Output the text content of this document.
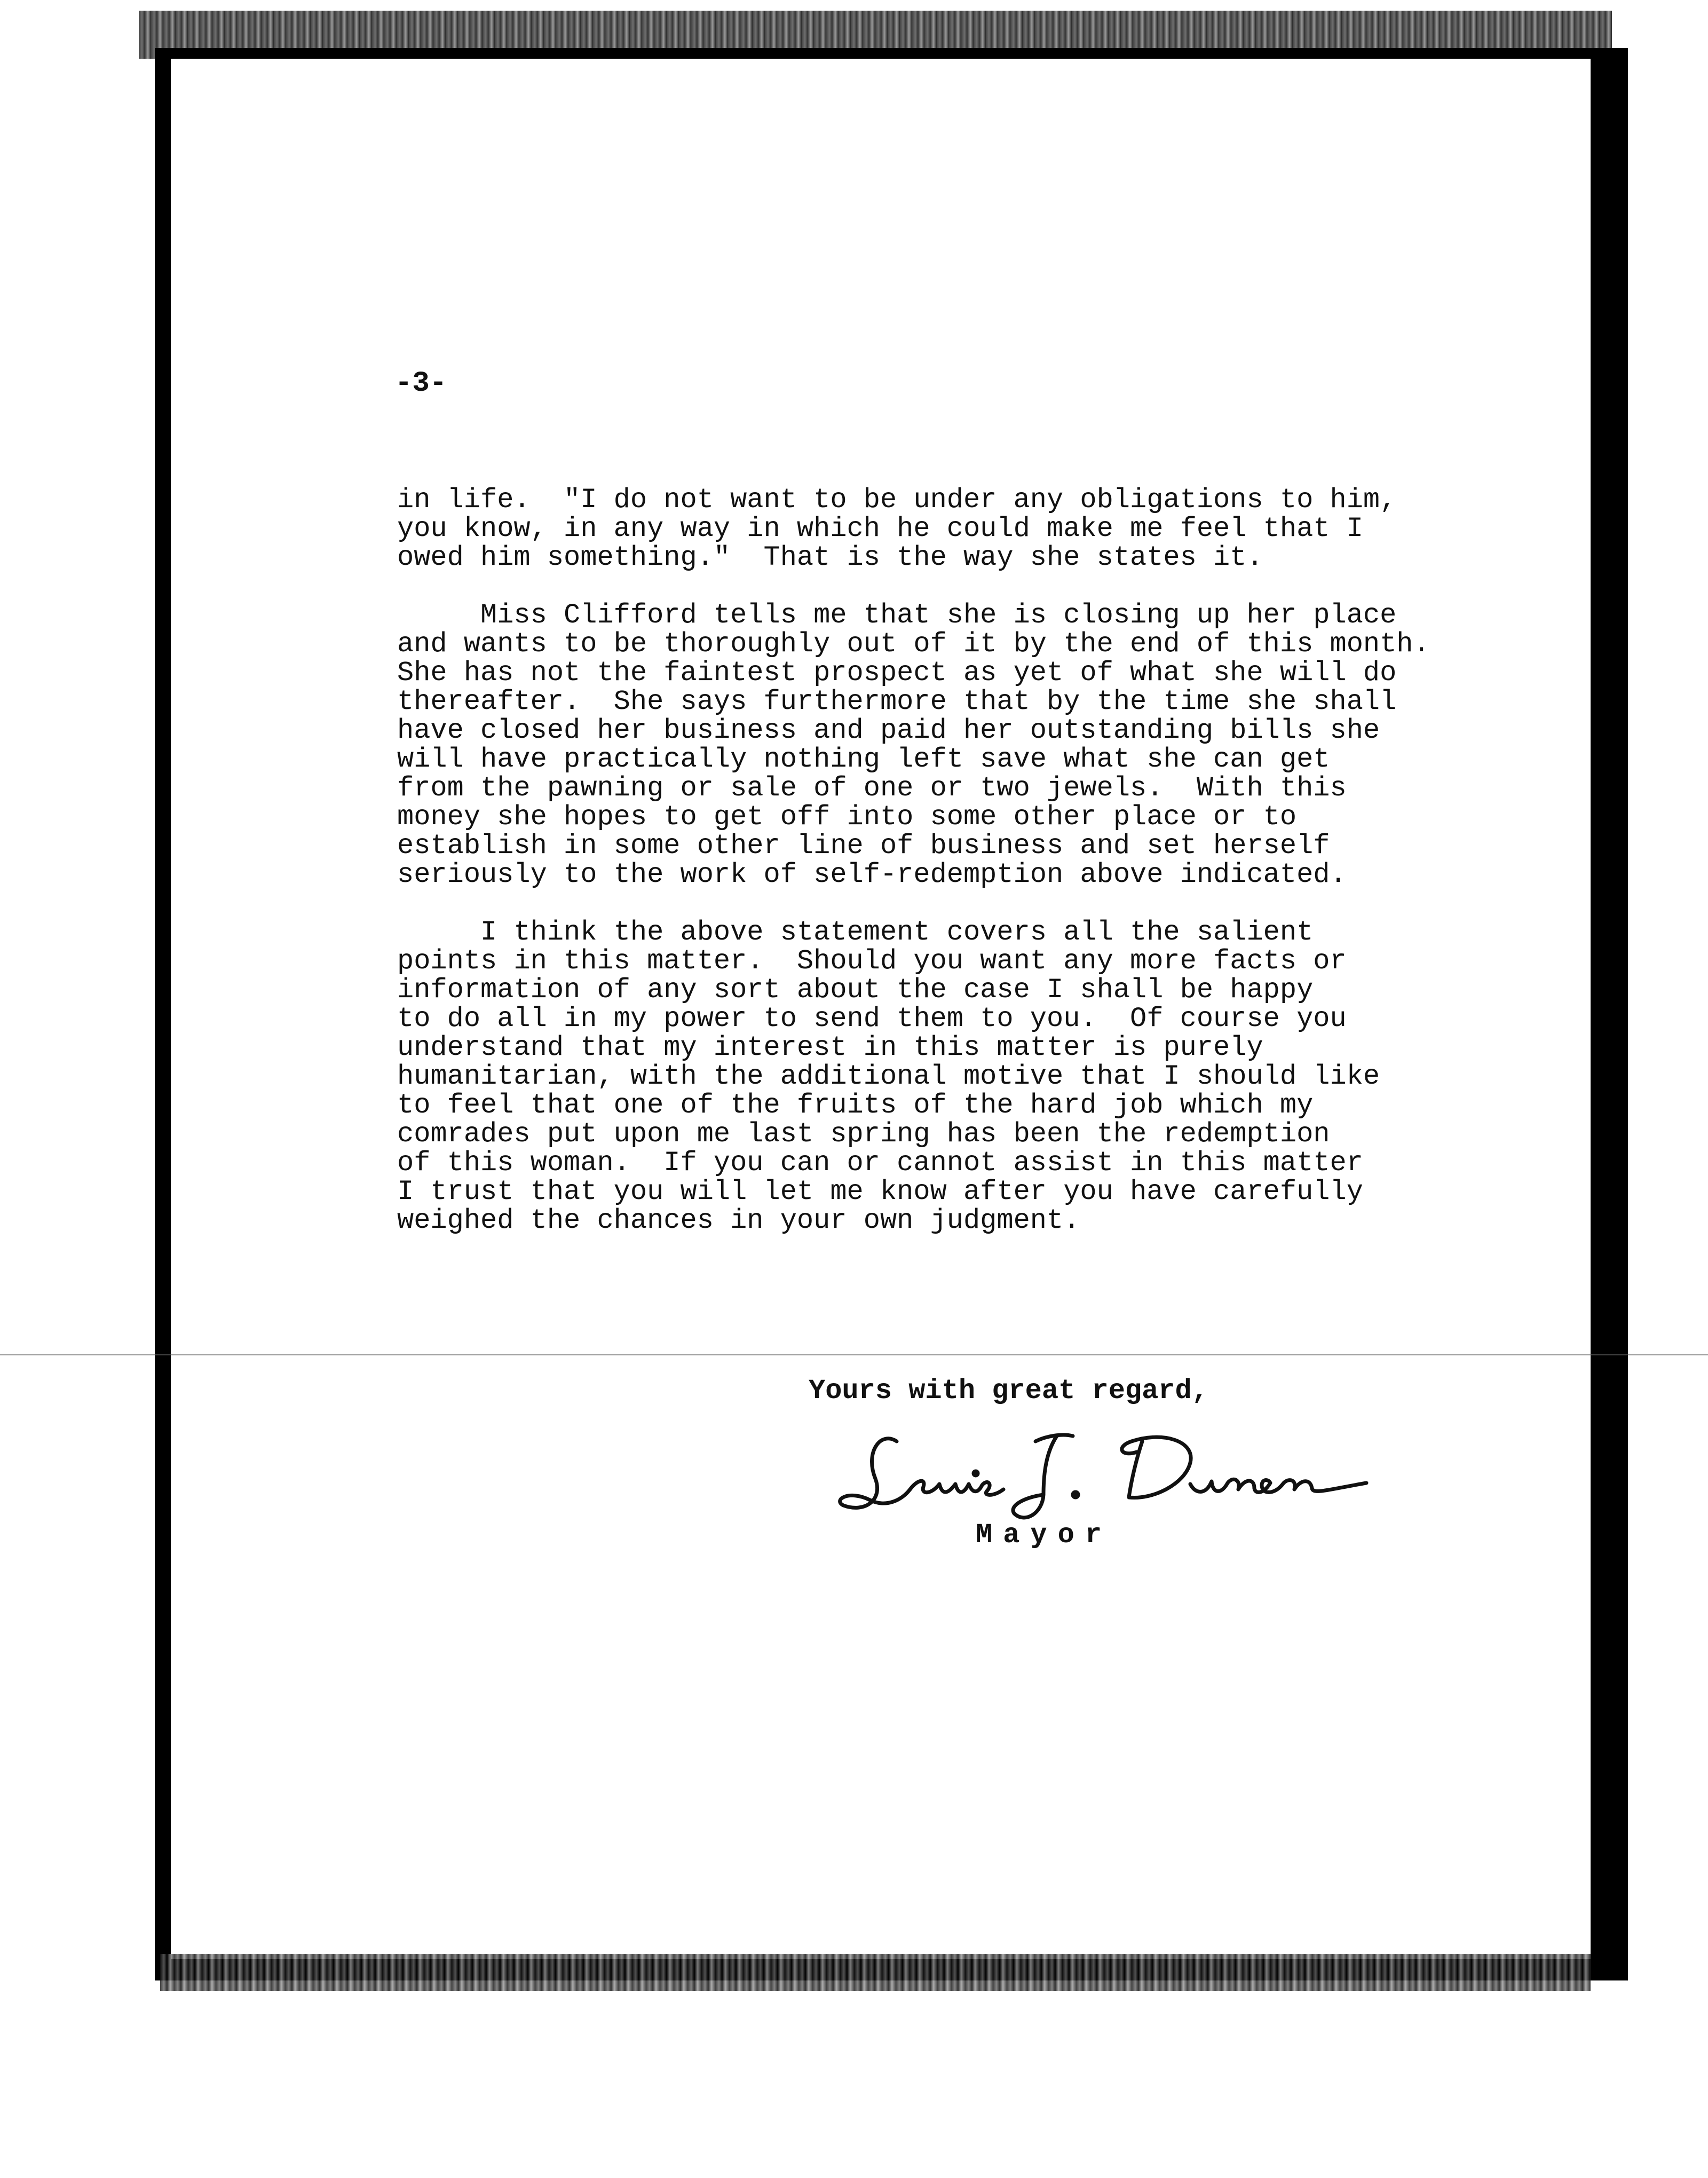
-3-
in life.  "I do not want to be under any obligations to him,
you know, in any way in which he could make me feel that I
owed him something."  That is the way she states it.
Miss Clifford tells me that she is closing up her place
and wants to be thoroughly out of it by the end of this month.
She has not the faintest prospect as yet of what she will do
thereafter.  She says furthermore that by the time she shall
have closed her business and paid her outstanding bills she
will have practically nothing left save what she can get
from the pawning or sale of one or two jewels.  With this
money she hopes to get off into some other place or to
establish in some other line of business and set herself
seriously to the work of self-redemption above indicated.
I think the above statement covers all the salient
points in this matter.  Should you want any more facts or
information of any sort about the case I shall be happy
to do all in my power to send them to you.  Of course you
understand that my interest in this matter is purely
humanitarian, with the additional motive that I should like
to feel that one of the fruits of the hard job which my
comrades put upon me last spring has been the redemption
of this woman.  If you can or cannot assist in this matter
I trust that you will let me know after you have carefully
weighed the chances in your own judgment.
Yours with great regard,
Mayor
